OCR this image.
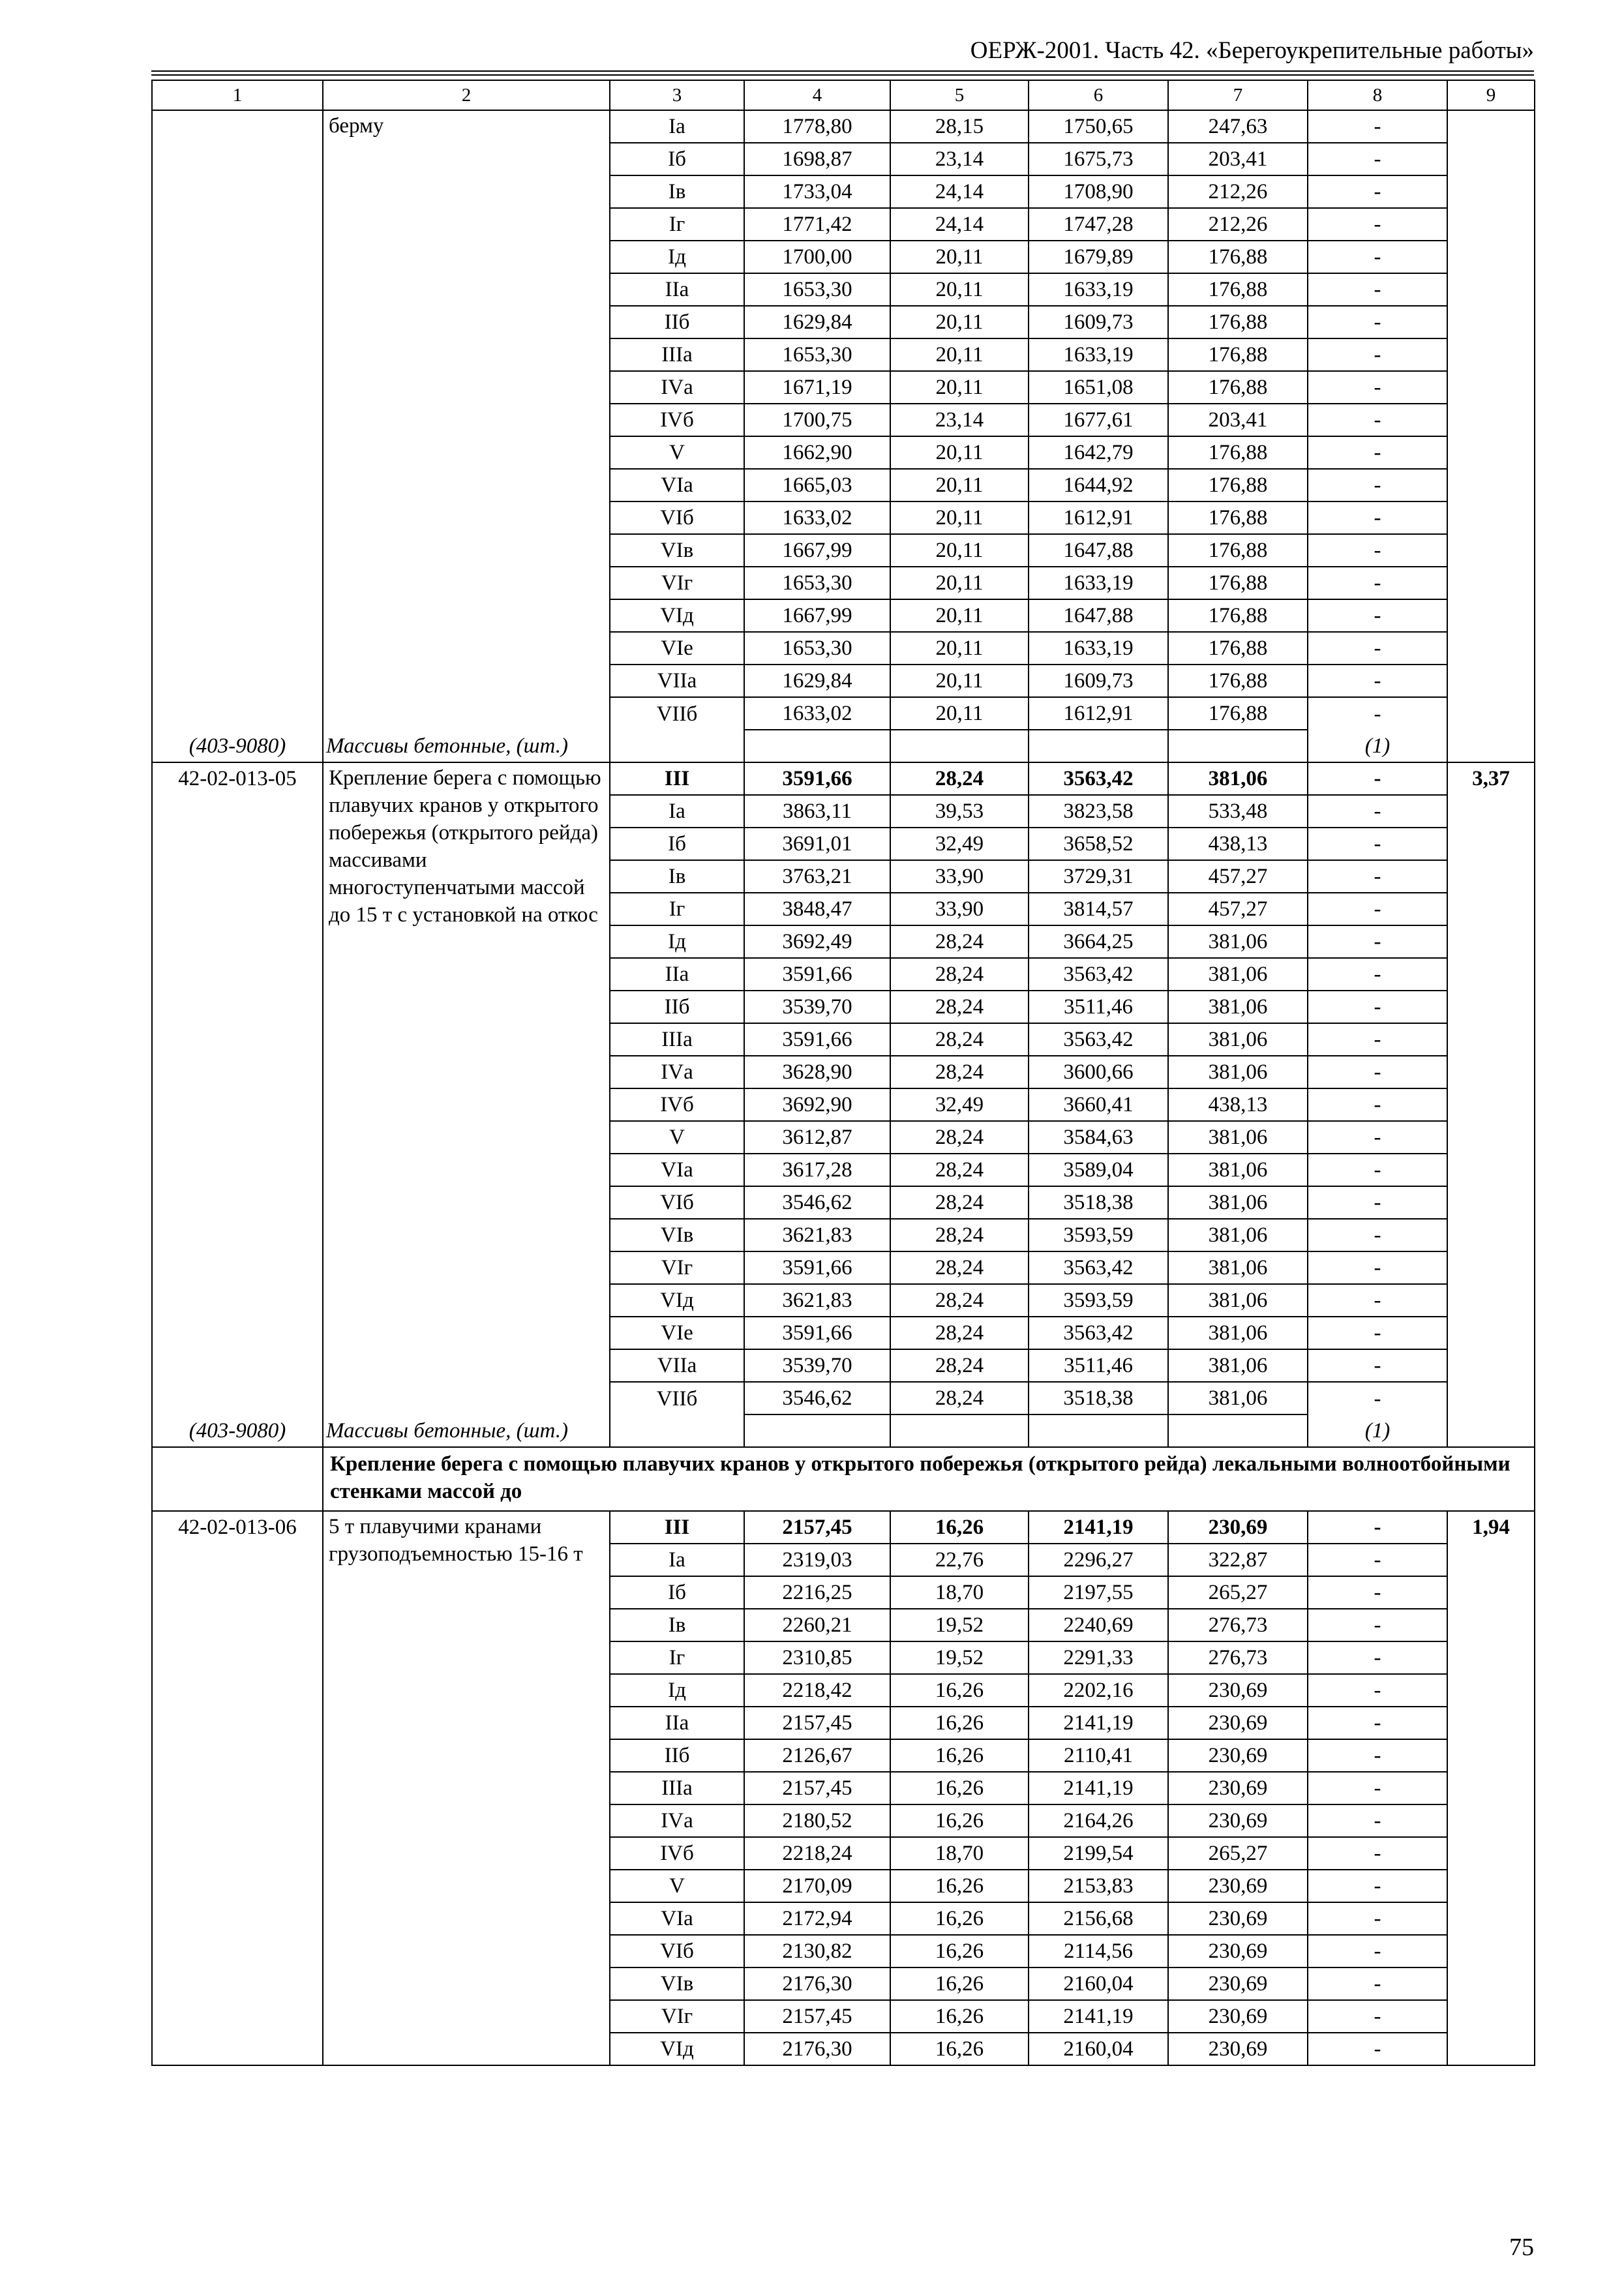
ОЕРЖ-2001. Часть 42. «Берегоукрепительные работы»
1	2	3	4	5	6	7	8	9
	берму	Iа	1778,80	28,15	1750,65	247,63	-	
		Iб	1698,87	23,14	1675,73	203,41	-	
		Iв	1733,04	24,14	1708,90	212,26	-	
		Iг	1771,42	24,14	1747,28	212,26	-	
		Iд	1700,00	20,11	1679,89	176,88	-	
		IIа	1653,30	20,11	1633,19	176,88	-	
		IIб	1629,84	20,11	1609,73	176,88	-	
		IIIа	1653,30	20,11	1633,19	176,88	-	
		IVа	1671,19	20,11	1651,08	176,88	-	
		IVб	1700,75	23,14	1677,61	203,41	-	
		V	1662,90	20,11	1642,79	176,88	-	
		VIа	1665,03	20,11	1644,92	176,88	-	
		VIб	1633,02	20,11	1612,91	176,88	-	
		VIв	1667,99	20,11	1647,88	176,88	-	
		VIг	1653,30	20,11	1633,19	176,88	-	
		VIд	1667,99	20,11	1647,88	176,88	-	
		VIе	1653,30	20,11	1633,19	176,88	-	
		VIIа	1629,84	20,11	1609,73	176,88	-	
		VIIб	1633,02	20,11	1612,91	176,88	-	
(403-9080)	Массивы бетонные, (шт.)						(1)	
42-02-013-05	Крепление берега с помощью плавучих кранов у открытого побережья (открытого рейда) массивами многоступенчатыми массой до 15 т с установкой на откос	III	3591,66	28,24	3563,42	381,06	-	3,37
		Iа	3863,11	39,53	3823,58	533,48	-	
		Iб	3691,01	32,49	3658,52	438,13	-	
		Iв	3763,21	33,90	3729,31	457,27	-	
		Iг	3848,47	33,90	3814,57	457,27	-	
		Iд	3692,49	28,24	3664,25	381,06	-	
		IIа	3591,66	28,24	3563,42	381,06	-	
		IIб	3539,70	28,24	3511,46	381,06	-	
		IIIа	3591,66	28,24	3563,42	381,06	-	
		IVа	3628,90	28,24	3600,66	381,06	-	
		IVб	3692,90	32,49	3660,41	438,13	-	
		V	3612,87	28,24	3584,63	381,06	-	
		VIа	3617,28	28,24	3589,04	381,06	-	
		VIб	3546,62	28,24	3518,38	381,06	-	
		VIв	3621,83	28,24	3593,59	381,06	-	
		VIг	3591,66	28,24	3563,42	381,06	-	
		VIд	3621,83	28,24	3593,59	381,06	-	
		VIе	3591,66	28,24	3563,42	381,06	-	
		VIIа	3539,70	28,24	3511,46	381,06	-	
		VIIб	3546,62	28,24	3518,38	381,06	-	
(403-9080)	Массивы бетонные, (шт.)						(1)	
	Крепление берега с помощью плавучих кранов у открытого побережья (открытого рейда) лекальными волноотбойными стенками массой до							
42-02-013-06	5 т плавучими кранами грузоподъемностью 15-16 т	III	2157,45	16,26	2141,19	230,69	-	1,94
		Iа	2319,03	22,76	2296,27	322,87	-	
		Iб	2216,25	18,70	2197,55	265,27	-	
		Iв	2260,21	19,52	2240,69	276,73	-	
		Iг	2310,85	19,52	2291,33	276,73	-	
		Iд	2218,42	16,26	2202,16	230,69	-	
		IIа	2157,45	16,26	2141,19	230,69	-	
		IIб	2126,67	16,26	2110,41	230,69	-	
		IIIа	2157,45	16,26	2141,19	230,69	-	
		IVа	2180,52	16,26	2164,26	230,69	-	
		IVб	2218,24	18,70	2199,54	265,27	-	
		V	2170,09	16,26	2153,83	230,69	-	
		VIа	2172,94	16,26	2156,68	230,69	-	
		VIб	2130,82	16,26	2114,56	230,69	-	
		VIв	2176,30	16,26	2160,04	230,69	-	
		VIг	2157,45	16,26	2141,19	230,69	-	
		VIд	2176,30	16,26	2160,04	230,69	-	
75
